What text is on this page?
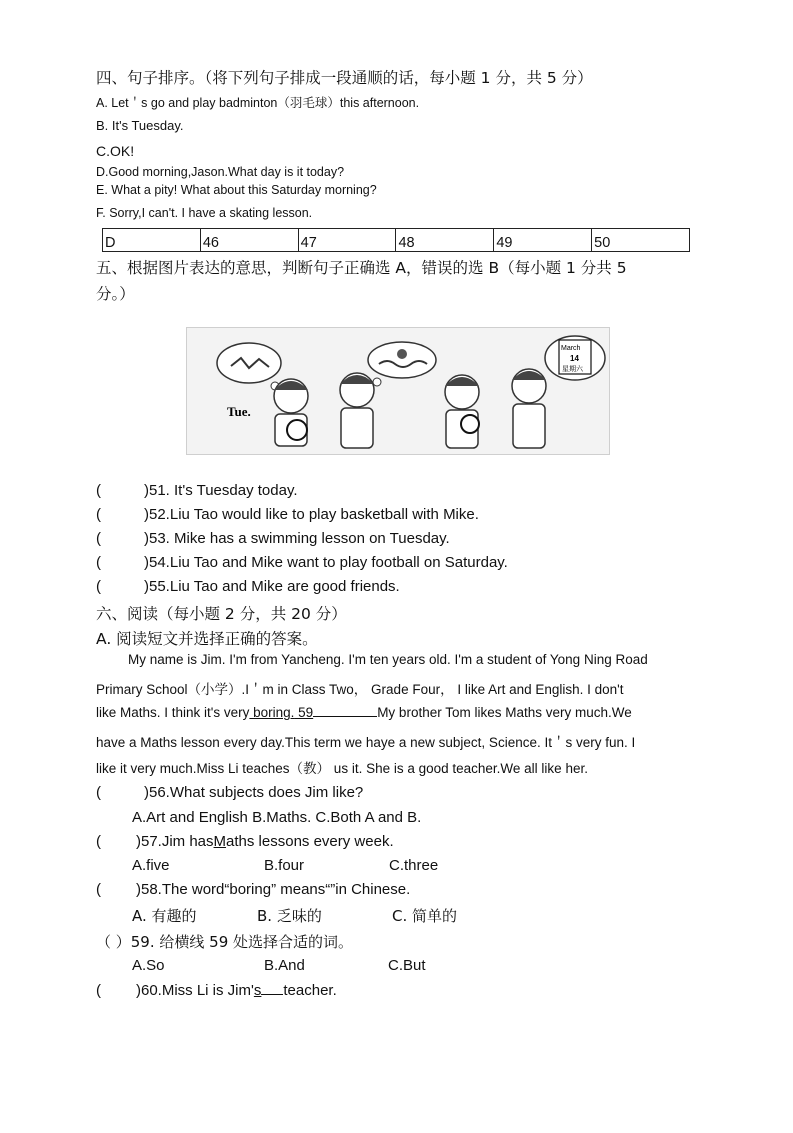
四、句子排序。（将下列句子排成一段通顺的话，每小题 1 分，共 5 分）
A. Let＇s go and play badminton（羽毛球）this afternoon.
B. It's Tuesday.
C.OK!
D.Good morning,Jason.What day is it today?
E. What a pity! What about this Saturday morning?
F. Sorry,I can't. I have a skating lesson.
D	46	47	48	49	50
五、根据图片表达的意思，判断句子正确选 A，错误的选 B（每小题 1 分共 5
分。）
Tue.
March
14
星期六
(	)51. It's Tuesday today.
(	)52.Liu Tao would like to play basketball with Mike.
(	)53. Mike has a swimming lesson on Tuesday.
(	)54.Liu Tao and Mike want to play football on Saturday.
(	)55.Liu Tao and Mike are good friends.
六、阅读（每小题 2 分，共 20 分）
A. 阅读短文并选择正确的答案。
My name is Jim. I'm from Yancheng. I'm ten years old. I'm a student of Yong Ning Road
Primary School（小学）.I＇m in Class Two， Grade Four， I like Art and English. I don't
like Maths. I think it's very boring. 59	My brother Tom likes Maths very much.We
have a Maths lesson every day.This term we haye a new subject, Science. It＇s very fun. I
like it very much.Miss Li teaches（教） us it. She is a good teacher.We all like her.
(	)56.What subjects does Jim like?
A.Art and English B.Maths. C.Both A and B.
( )57.Jim hasMaths lessons every week.
A.five	B.four	C.three
( )58.The word“boring” means“”in Chinese.
A. 有趣的	B. 乏味的	C. 简单的
（ ）59. 给横线 59 处选择合适的词。
A.So	B.And	C.But
( )60.Miss Li is Jim's teacher.
